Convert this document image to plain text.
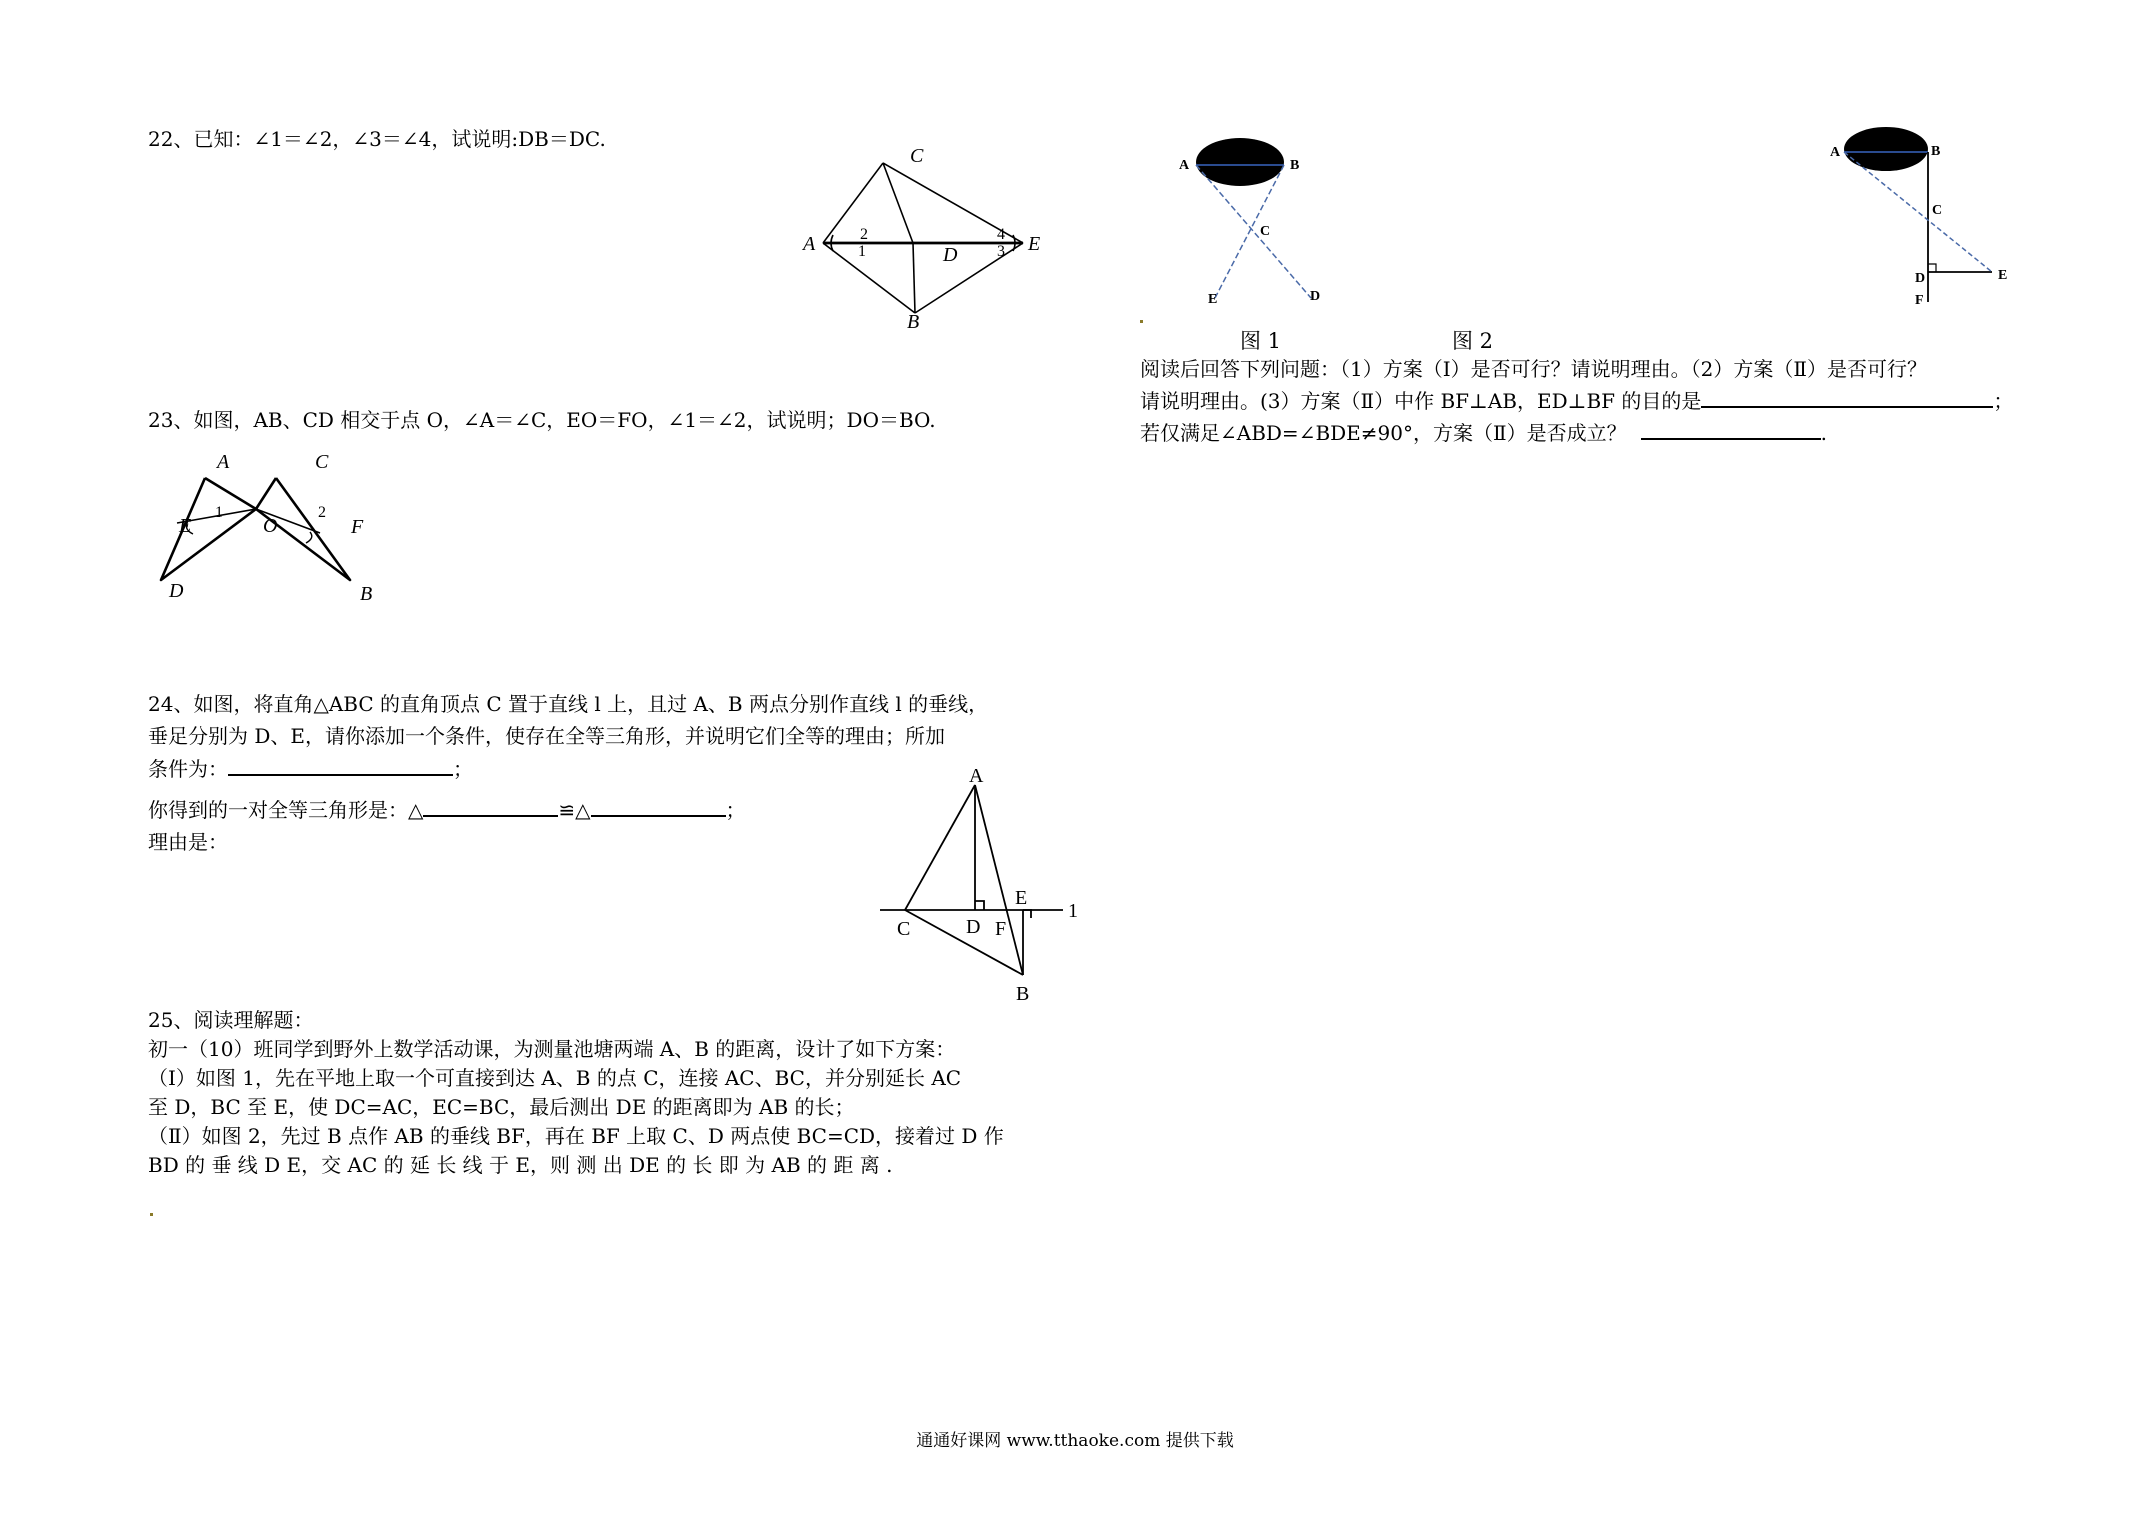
22、已知：∠1＝∠2，∠3＝∠4，试说明:DB＝DC.
C
A	E
D
B
2
1
4
3
23、如图，AB、CD 相交于点 O，∠A＝∠C，EO＝FO，∠1＝∠2，试说明；DO＝BO.
A	C
E	O	F
D	B
1	2
24、如图，将直角△ABC 的直角顶点 C 置于直线 l 上，且过 A、B 两点分别作直线 l 的垂线，
垂足分别为 D、E，请你添加一个条件，使存在全等三角形，并说明它们全等的理由；所加
条件为：	；
你得到的一对全等三角形是：△	≌△	；
理由是：
A
E
1
C	D F
B
25、阅读理解题：
初一（10）班同学到野外上数学活动课，为测量池塘两端 A、B 的距离，设计了如下方案：
（Ⅰ）如图 1，先在平地上取一个可直接到达 A、B 的点 C，连接 AC、BC，并分别延长 AC
至 D，BC 至 E，使 DC=AC，EC=BC，最后测出 DE 的距离即为 AB 的长；
（Ⅱ）如图 2，先过 B 点作 AB 的垂线 BF，再在 BF 上取 C、D 两点使 BC=CD，接着过 D 作
BD 的 垂 线 D E，交 AC 的 延 长 线 于 E，则 测 出 DE 的 长 即 为 AB 的 距 离 .
A	B
C
E	D
A	B
C
E
D
F
图 1	图 2
阅读后回答下列问题：（1）方案（Ⅰ）是否可行？请说明理由。（2）方案（Ⅱ）是否可行？
请说明理由。(3）方案（Ⅱ）中作 BF⊥AB，ED⊥BF 的目的是	；
若仅满足∠ABD=∠BDE≠90°，方案（Ⅱ）是否成立？	.
通通好课网 www.tthaoke.com 提供下载
